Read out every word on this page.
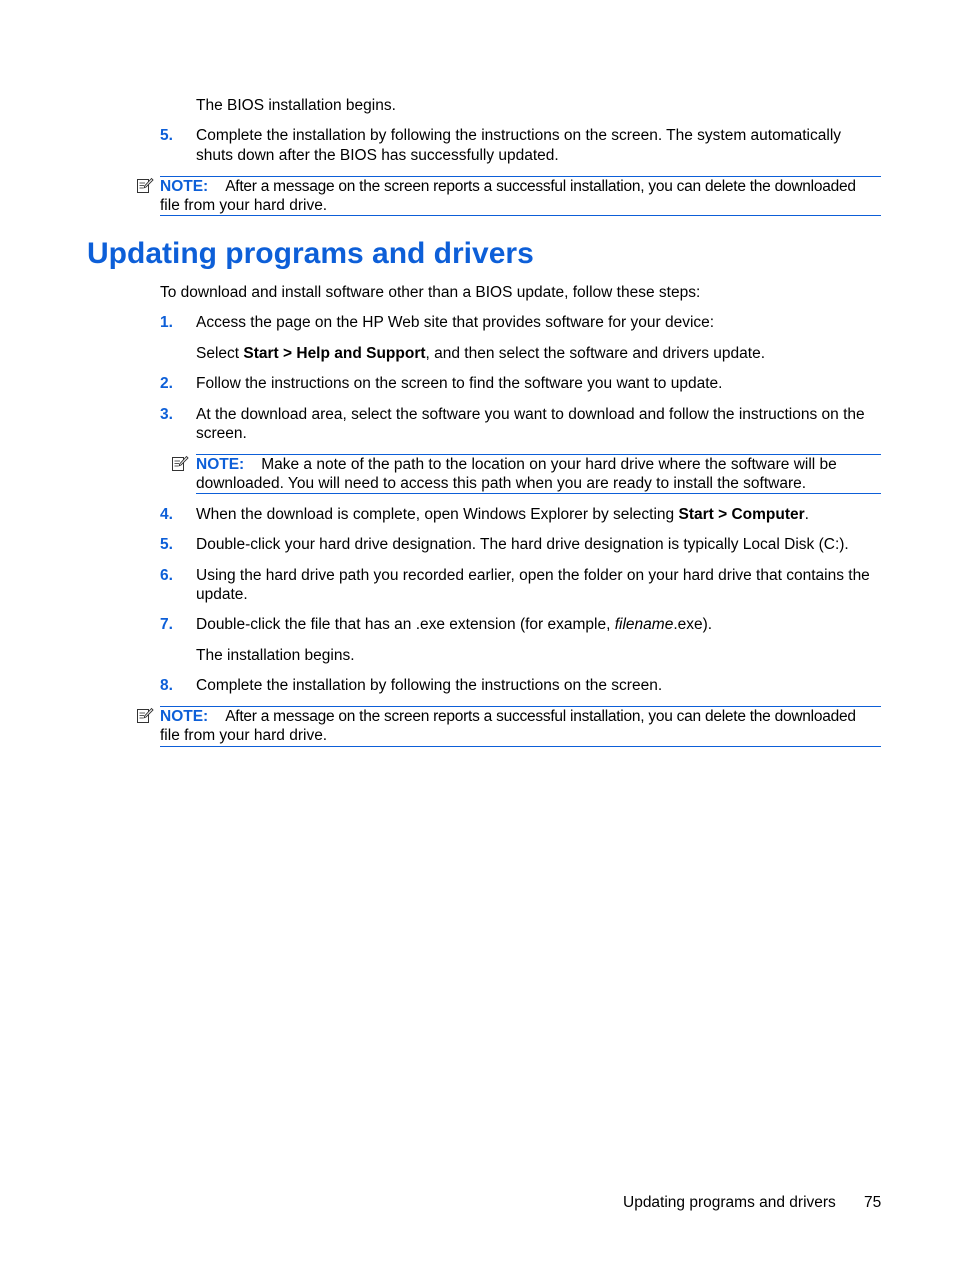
The BIOS installation begins.
5. Complete the installation by following the instructions on the screen. The system automatically
shuts down after the BIOS has successfully updated.
NOTE: After a message on the screen reports a successful installation, you can delete the downloaded
file from your hard drive.
Updating programs and drivers
To download and install software other than a BIOS update, follow these steps:
1. Access the page on the HP Web site that provides software for your device:
Select Start > Help and Support, and then select the software and drivers update.
2. Follow the instructions on the screen to find the software you want to update.
3. At the download area, select the software you want to download and follow the instructions on the
screen.
NOTE: Make a note of the path to the location on your hard drive where the software will be
downloaded. You will need to access this path when you are ready to install the software.
4. When the download is complete, open Windows Explorer by selecting Start > Computer.
5. Double-click your hard drive designation. The hard drive designation is typically Local Disk (C:).
6. Using the hard drive path you recorded earlier, open the folder on your hard drive that contains the
update.
7. Double-click the file that has an .exe extension (for example, filename.exe).
The installation begins.
8. Complete the installation by following the instructions on the screen.
NOTE: After a message on the screen reports a successful installation, you can delete the downloaded
file from your hard drive.
Updating programs and drivers 75
